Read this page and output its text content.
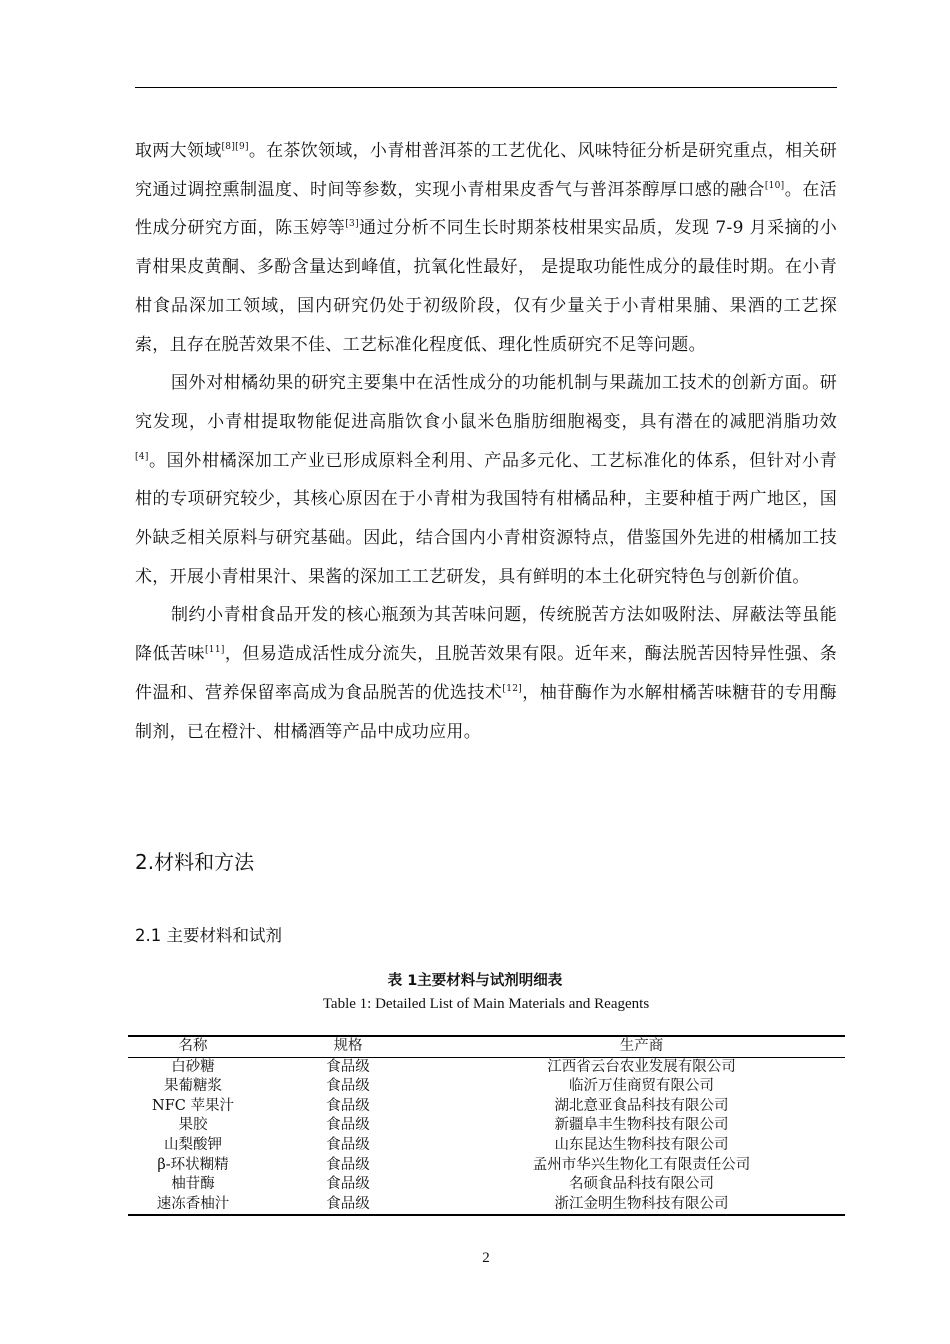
取两大领域[8][9]。在茶饮领域，小青柑普洱茶的工艺优化、风味特征分析是研究重点，相关研究通过调控熏制温度、时间等参数，实现小青柑果皮香气与普洱茶醇厚口感的融合[10]。在活性成分研究方面，陈玉婷等[3]通过分析不同生长时期茶枝柑果实品质，发现 7-9 月采摘的小青柑果皮黄酮、多酚含量达到峰值，抗氧化性最好， 是提取功能性成分的最佳时期。在小青柑食品深加工领域，国内研究仍处于初级阶段，仅有少量关于小青柑果脯、果酒的工艺探索，且存在脱苦效果不佳、工艺标准化程度低、理化性质研究不足等问题。

国外对柑橘幼果的研究主要集中在活性成分的功能机制与果蔬加工技术的创新方面。研究发现，小青柑提取物能促进高脂饮食小鼠米色脂肪细胞褐变，具有潜在的减肥消脂功效[4]。国外柑橘深加工产业已形成原料全利用、产品多元化、工艺标准化的体系，但针对小青柑的专项研究较少，其核心原因在于小青柑为我国特有柑橘品种，主要种植于两广地区，国外缺乏相关原料与研究基础。因此，结合国内小青柑资源特点，借鉴国外先进的柑橘加工技术，开展小青柑果汁、果酱的深加工工艺研发，具有鲜明的本土化研究特色与创新价值。

制约小青柑食品开发的核心瓶颈为其苦味问题，传统脱苦方法如吸附法、屏蔽法等虽能降低苦味[11]，但易造成活性成分流失，且脱苦效果有限。近年来，酶法脱苦因特异性强、条件温和、营养保留率高成为食品脱苦的优选技术[12]，柚苷酶作为水解柑橘苦味糖苷的专用酶制剂，已在橙汁、柑橘酒等产品中成功应用。

2.材料和方法
2.1 主要材料和试剂
表 1主要材料与试剂明细表
Table 1: Detailed List of Main Materials and Reagents
名称	规格	生产商
白砂糖	食品级	江西省云台农业发展有限公司
果葡糖浆	食品级	临沂万佳商贸有限公司
NFC 苹果汁	食品级	湖北意亚食品科技有限公司
果胶	食品级	新疆阜丰生物科技有限公司
山梨酸钾	食品级	山东昆达生物科技有限公司
β-环状糊精	食品级	孟州市华兴生物化工有限责任公司
柚苷酶	食品级	名硕食品科技有限公司
速冻香柚汁	食品级	浙江金明生物科技有限公司
2
